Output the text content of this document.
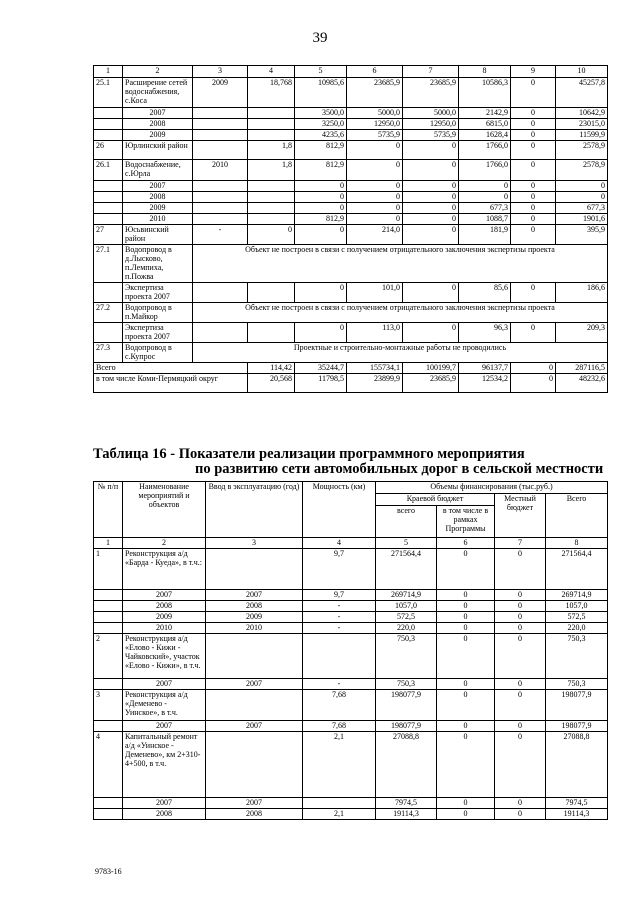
39
1	2	3	4	5	6	7	8	9	10
25.1	Расширение сетей водоснабжения, с.Коса	2009	18,768	10985,6	23685,9	23685,9	10586,3	0	45257,8
	2007			3500,0	5000,0	5000,0	2142,9	0	10642,9
	2008			3250,0	12950,0	12950,0	6815,0	0	23015,0
	2009			4235,6	5735,9	5735,9	1628,4	0	11599,9
26	Юрлинский район		1,8	812,9	0	0	1766,0	0	2578,9
26.1	Водоснабжение, с.Юрла	2010	1,8	812,9	0	0	1766,0	0	2578,9
	2007			0	0	0	0	0	0
	2008			0	0	0	0	0	0
	2009			0	0	0	677,3	0	677,3
	2010			812,9	0	0	1088,7	0	1901,6
27	Юсьвинский район	-	0	0	214,0	0	181,9	0	395,9
27.1	Водопровод в д.Лысково, п.Лемпиха, п.Пожва	Объект не построен в связи с получением отрицательного заключения экспертизы проекта							
	Экспертиза проекта 2007			0	101,0	0	85,6	0	186,6
27.2	Водопровод в п.Майкор	Объект не построен в связи с получением отрицательного заключения экспертизы проекта							
	Экспертиза проекта 2007			0	113,0	0	96,3	0	209,3
27.3	Водопровод в с.Купрос	Проектные и строительно-монтажные работы не проводились							
Всего			114,42	35244,7	155734,1	100199,7	96137,7	0	287116,5
в том числе Коми-Пермяцкий округ			20,568	11798,5	23899,9	23685,9	12534,2	0	48232,6
Таблица 16 - Показатели реализации программного мероприятия
по развитию сети автомобильных дорог в сельской местности
№ п/п	Наименование мероприятий и объектов	Ввод в эксплуатацию (год)	Мощность (км)	Объемы финансирования (тыс.руб.)			
				Краевой бюджет		Местный бюджет	Всего
				всего	в том числе в рамках Программы		
1	2	3	4	5	6	7	8
1	Реконструкция а/д «Барда - Куеда», в т.ч.:		9,7	271564,4	0	0	271564,4
	2007	2007	9,7	269714,9	0	0	269714,9
	2008	2008	-	1057,0	0	0	1057,0
	2009	2009	-	572,5	0	0	572,5
	2010	2010	-	220,0	0	0	220,0
2	Реконструкция а/д «Елово - Кижи - Чайковский», участок «Елово - Кижи», в т.ч.			750,3	0	0	750,3
	2007	2007	-	750,3	0	0	750,3
3	Реконструкция а/д «Деменево - Уинское», в т.ч.		7,68	198077,9	0	0	198077,9
	2007	2007	7,68	198077,9	0	0	198077,9
4	Капитальный ремонт а/д «Уинское - Деменево», км 2+310-4+500, в т.ч.		2,1	27088,8	0	0	27088,8
	2007	2007		7974,5	0	0	7974,5
	2008	2008	2,1	19114,3	0	0	19114,3
9783-16
